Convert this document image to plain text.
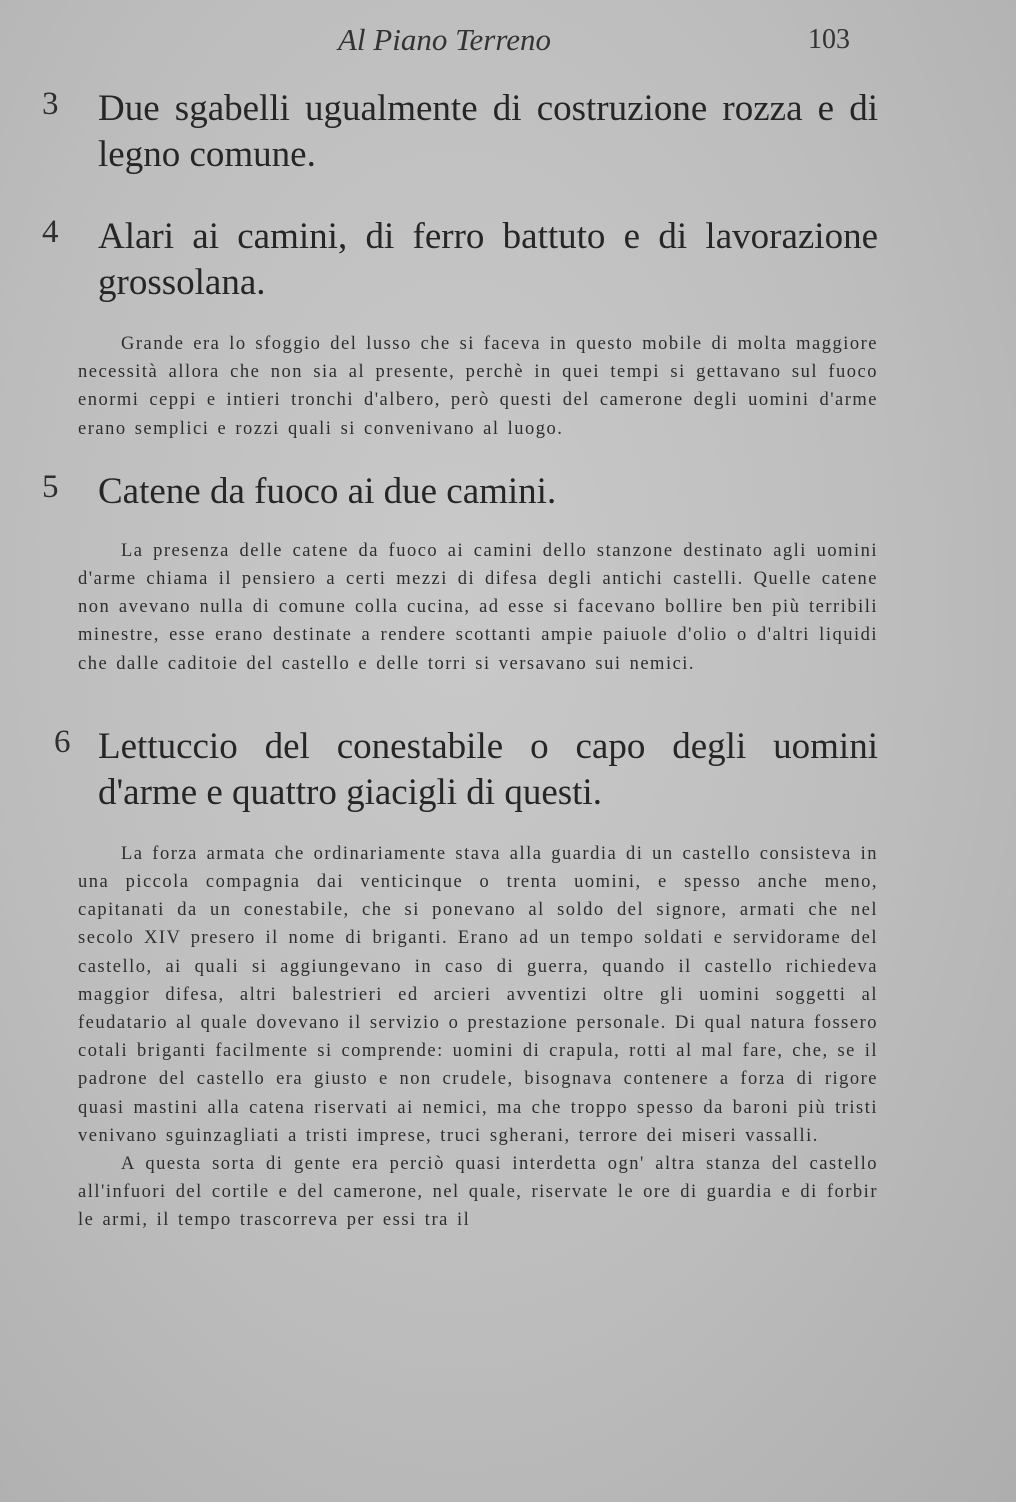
Al Piano Terreno	103
3	Due sgabelli ugualmente di costruzione rozza e di legno comune.
4	Alari ai camini, di ferro battuto e di lavorazione grossolana.

Grande era lo sfoggio del lusso che si faceva in questo mobile di molta maggiore necessità allora che non sia al presente, perchè in quei tempi si gettavano sul fuoco enormi ceppi e intieri tronchi d'albero, però questi del camerone degli uomini d'arme erano semplici e rozzi quali si convenivano al luogo.

5	Catene da fuoco ai due camini.

La presenza delle catene da fuoco ai camini dello stanzone destinato agli uomini d'arme chiama il pensiero a certi mezzi di difesa degli antichi castelli. Quelle catene non avevano nulla di comune colla cucina, ad esse si facevano bollire ben più terribili minestre, esse erano destinate a rendere scottanti ampie paiuole d'olio o d'altri liquidi che dalle caditoie del castello e delle torri si versavano sui nemici.

6 Lettuccio del conestabile o capo degli uomini d'arme e quattro giacigli di questi.

La forza armata che ordinariamente stava alla guardia di un castello consisteva in una piccola compagnia dai venticinque o trenta uomini, e spesso anche meno, capitanati da un conestabile, che si ponevano al soldo del signore, armati che nel secolo XIV presero il nome di briganti. Erano ad un tempo soldati e servidorame del castello, ai quali si aggiungevano in caso di guerra, quando il castello richiedeva maggior difesa, altri balestrieri ed arcieri avventizi oltre gli uomini soggetti al feudatario al quale dovevano il servizio o prestazione personale. Di qual natura fossero cotali briganti facilmente si comprende: uomini di crapula, rotti al mal fare, che, se il padrone del castello era giusto e non crudele, bisognava contenere a forza di rigore quasi mastini alla catena riservati ai nemici, ma che troppo spesso da baroni più tristi venivano sguinzagliati a tristi imprese, truci sgherani, terrore dei miseri vassalli.

A questa sorta di gente era perciò quasi interdetta ogn' altra stanza del castello all'infuori del cortile e del camerone, nel quale, riservate le ore di guardia e di forbir le armi, il tempo trascorreva per essi tra il
